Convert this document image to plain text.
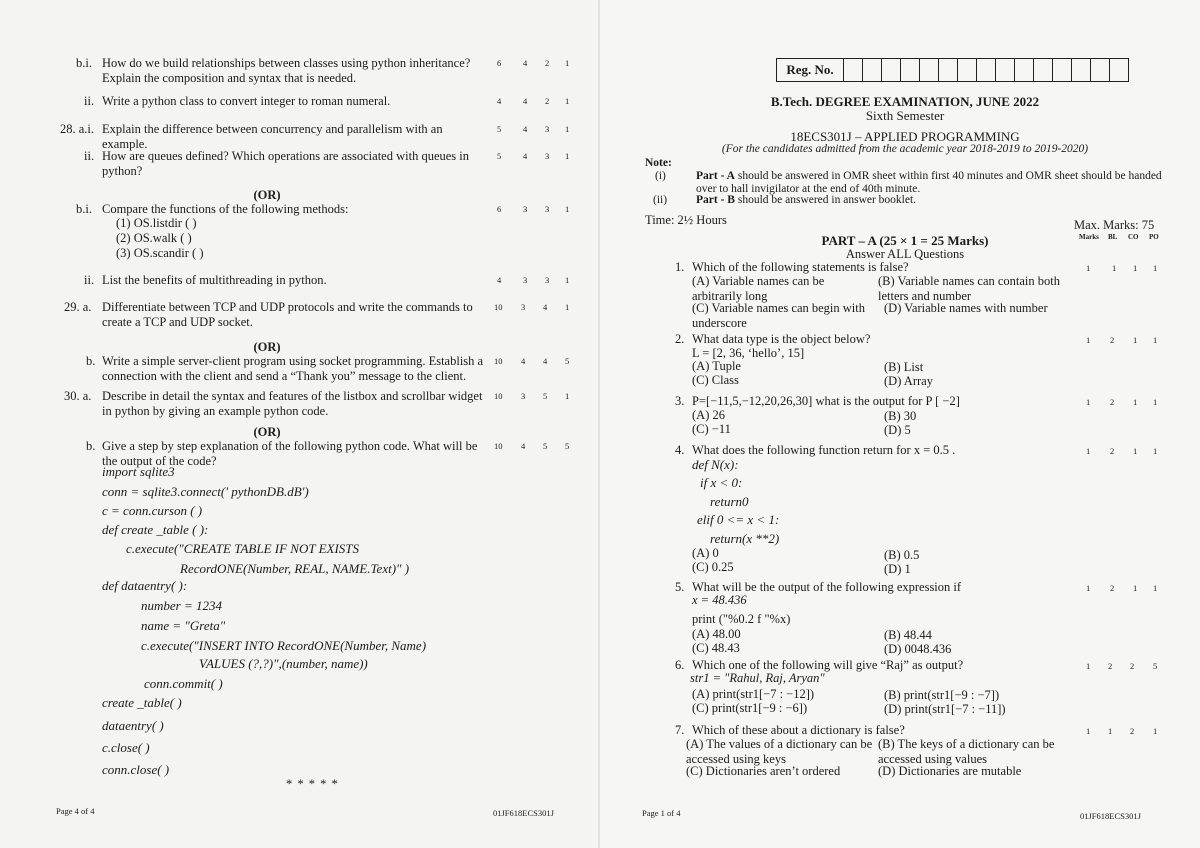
b.i. How do we build relationships between classes using python inheritance? Explain the composition and syntax that is needed.
6	4 2 1
ii. Write a python class to convert integer to roman numeral.	4	4 2 1
28. a.i. Explain the difference between concurrency and parallelism with an example.
5	4 3 1
ii. How are queues defined? Which operations are associated with queues in python?
5	4 3 1
(OR)
b.i. Compare the functions of the following methods:	6	3 3 1
(1) OS.listdir ( )
(2) OS.walk ( )
(3) OS.scandir ( )
ii. List the benefits of multithreading in python.	4	3 3 1
29. a. Differentiate between TCP and UDP protocols and write the commands to create a TCP and UDP socket.
10 3 4 1
(OR)
b. Write a simple server-client program using socket programming. Establish a connection with the client and send a “Thank you” message to the client.
10 4 4 5
30. a. Describe in detail the syntax and features of the listbox and scrollbar widget in python by giving an example python code.
10 3 5 1
(OR)
b. Give a step by step explanation of the following python code. What will be the output of the code?
10 4 5 5
import sqlite3
conn = sqlite3.connect(' pythonDB.dB')
c = conn.curson ( )
def create _table ( ):
c.execute("CREATE TABLE IF NOT EXISTS
RecordONE(Number, REAL, NAME.Text)" )
def dataentry( ):
number = 1234
name = "Greta"
c.execute("INSERT INTO RecordONE(Number, Name)
VALUES (?,?)",(number, name))
conn.commit( )
create _table( )
dataentry( )
c.close( )
conn.close( )
* * * * *
Page 4 of 4	01JF618ECS301J
Reg. No.															
B.Tech. DEGREE EXAMINATION, JUNE 2022
Sixth Semester
18ECS301J – APPLIED PROGRAMMING
(For the candidates admitted from the academic year 2018-2019 to 2019-2020)
Note:
(i)	Part - A should be answered in OMR sheet within first 40 minutes and OMR sheet should be handed over to hall invigilator at the end of 40th minute.
(ii)	Part - B should be answered in answer booklet.
Time: 2½ Hours	Max. Marks: 75
PART – A (25 × 1 = 25 Marks)
Answer ALL Questions
Marks BL CO PO
1. Which of the following statements is false?	1	1 1 1
(A) Variable names can be arbitrarily long
(B) Variable names can contain both letters and number
(C) Variable names can begin with underscore
(D) Variable names with number
2. What data type is the object below?	1 2 1 1
L = [2, 36, ‘hello’, 15]
(A) Tuple	(B) List
(C) Class	(D) Array
3. P=[−11,5,−12,20,26,30] what is the output for P [ −2]	1 2 1 1
(A) 26	(B) 30
(C) −11	(D) 5
4. What does the following function return for x = 0.5 .	1 2 1 1
def N(x):
if x < 0:
return0
elif 0 <= x < 1:
return(x **2)
(A) 0	(B) 0.5
(C) 0.25	(D) 1
5. What will be the output of the following expression if	1 2 1 1
x = 48.436
print ("%0.2 f "%x)
(A) 48.00	(B) 48.44
(C) 48.43	(D) 0048.436
6. Which one of the following will give “Raj” as output?	1 2 2 5
str1 = "Rahul, Raj, Aryan"
(A) print(str1[−7 : −12])	(B) print(str1[−9 : −7])
(C) print(str1[−9 : −6])	(D) print(str1[−7 : −11])
7. Which of these about a dictionary is false?	1 1 2 1
(A) The values of a dictionary can be accessed using keys
(B) The keys of a dictionary can be accessed using values
(C) Dictionaries aren’t ordered	(D) Dictionaries are mutable
Page 1 of 4	01JF618ECS301J
